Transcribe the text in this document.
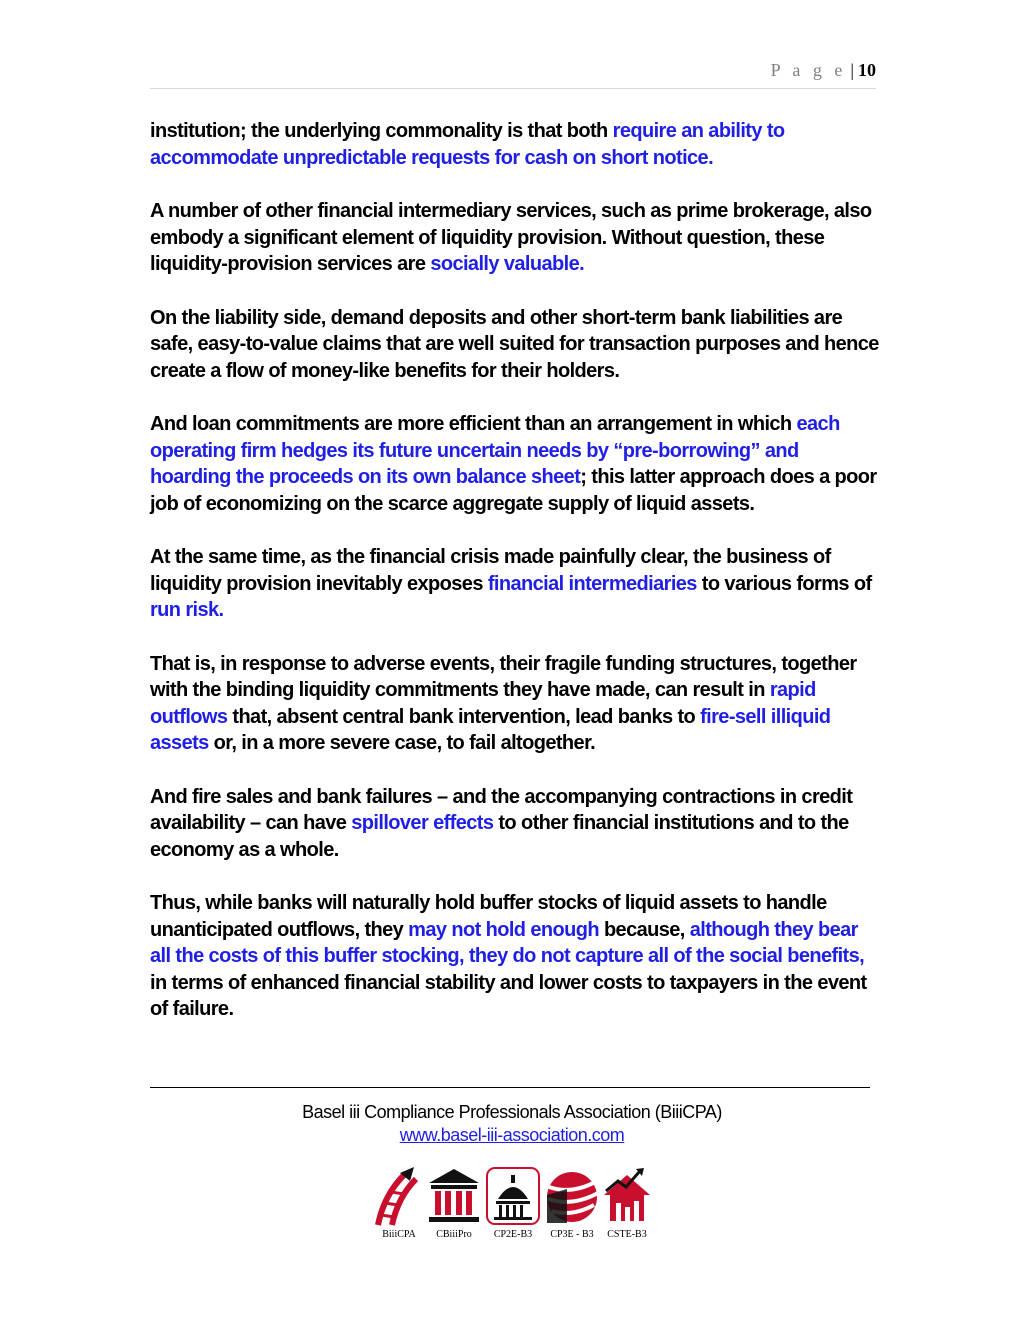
P a g e | 10

institution; the underlying commonality is that both require an ability to accommodate unpredictable requests for cash on short notice.

A number of other financial intermediary services, such as prime brokerage, also embody a significant element of liquidity provision. Without question, these liquidity-provision services are socially valuable.

On the liability side, demand deposits and other short-term bank liabilities are safe, easy-to-value claims that are well suited for transaction purposes and hence create a flow of money-like benefits for their holders.

And loan commitments are more efficient than an arrangement in which each operating firm hedges its future uncertain needs by “pre-borrowing” and hoarding the proceeds on its own balance sheet; this latter approach does a poor job of economizing on the scarce aggregate supply of liquid assets.

At the same time, as the financial crisis made painfully clear, the business of liquidity provision inevitably exposes financial intermediaries to various forms of run risk.

That is, in response to adverse events, their fragile funding structures, together with the binding liquidity commitments they have made, can result in rapid outflows that, absent central bank intervention, lead banks to fire-sell illiquid assets or, in a more severe case, to fail altogether.

And fire sales and bank failures – and the accompanying contractions in credit availability – can have spillover effects to other financial institutions and to the economy as a whole.

Thus, while banks will naturally hold buffer stocks of liquid assets to handle unanticipated outflows, they may not hold enough because, although they bear all the costs of this buffer stocking, they do not capture all of the social benefits, in terms of enhanced financial stability and lower costs to taxpayers in the event of failure.

Basel iii Compliance Professionals Association (BiiiCPA)
www.basel-iii-association.com
BiiiCPA	CBiiiPro	CP2E-B3	CP3E - B3	CSTE-B3
